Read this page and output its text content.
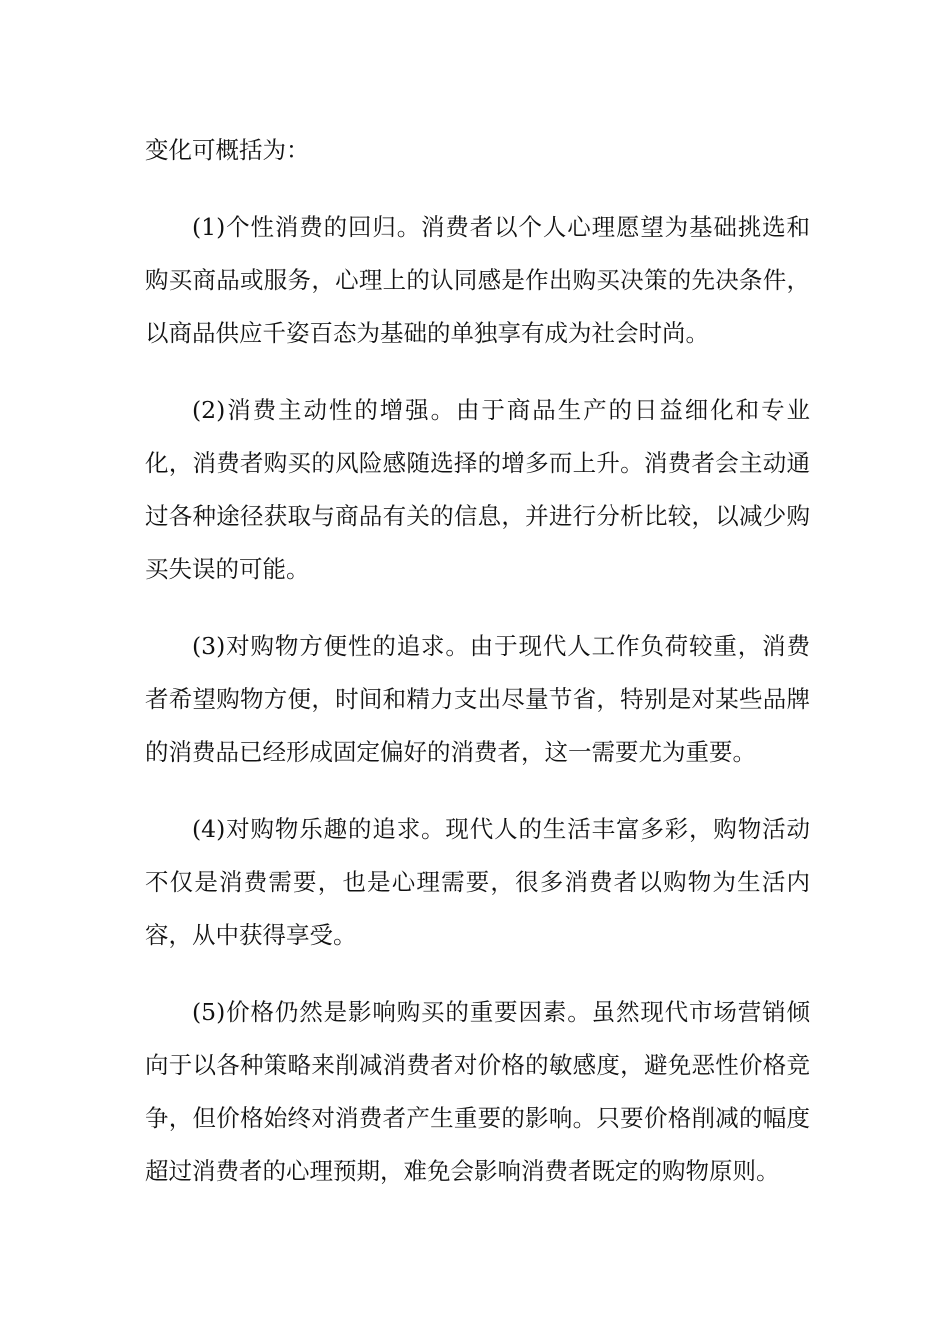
变化可概括为：

(1)个性消费的回归。消费者以个人心理愿望为基础挑选和购买商品或服务，心理上的认同感是作出购买决策的先决条件，以商品供应千姿百态为基础的单独享有成为社会时尚。

(2)消费主动性的增强。由于商品生产的日益细化和专业化，消费者购买的风险感随选择的增多而上升。消费者会主动通过各种途径获取与商品有关的信息，并进行分析比较，以减少购买失误的可能。

(3)对购物方便性的追求。由于现代人工作负荷较重，消费者希望购物方便，时间和精力支出尽量节省，特别是对某些品牌的消费品已经形成固定偏好的消费者，这一需要尤为重要。

(4)对购物乐趣的追求。现代人的生活丰富多彩，购物活动不仅是消费需要，也是心理需要，很多消费者以购物为生活内容，从中获得享受。

(5)价格仍然是影响购买的重要因素。虽然现代市场营销倾向于以各种策略来削减消费者对价格的敏感度，避免恶性价格竞争，但价格始终对消费者产生重要的影响。只要价格削减的幅度超过消费者的心理预期，难免会影响消费者既定的购物原则。
